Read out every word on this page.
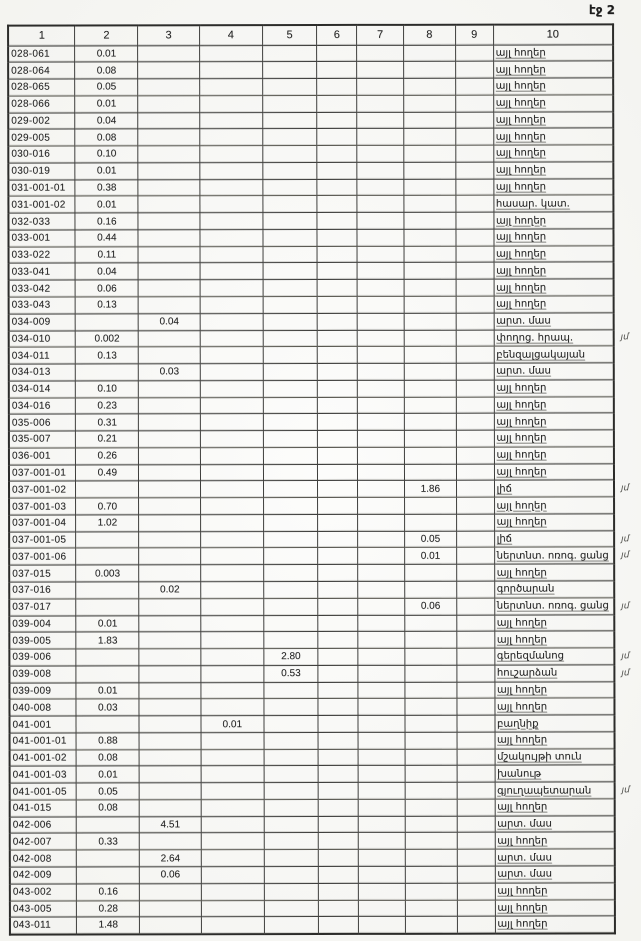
էջ 2
1	2	3	4	5	6	7	8	9	10	
028-061	0.01								այլ հողեր	
028-064	0.08								այլ հողեր	
028-065	0.05								այլ հողեր	
028-066	0.01								այլ հողեր	
029-002	0.04								այլ հողեր	
029-005	0.08								այլ հողեր	
030-016	0.10								այլ հողեր	
030-019	0.01								այլ հողեր	
031-001-01	0.38								այլ հողեր	
031-001-02	0.01								հասար. կատ.	
032-033	0.16								այլ հողեր	
033-001	0.44								այլ հողեր	
033-022	0.11								այլ հողեր	
033-041	0.04								այլ հողեր	
033-042	0.06								այլ հողեր	
033-043	0.13								այլ հողեր	
034-009		0.04							արտ. մաս	
034-010	0.002								փողոց. հրապ.	յմ
034-011	0.13								բենզալցակայան	
034-013		0.03							արտ. մաս	
034-014	0.10								այլ հողեր	
034-016	0.23								այլ հողեր	
035-006	0.31								այլ հողեր	
035-007	0.21								այլ հողեր	
036-001	0.26								այլ հողեր	
037-001-01	0.49								այլ հողեր	
037-001-02							1.86		լիճ	յմ
037-001-03	0.70								այլ հողեր	
037-001-04	1.02								այլ հողեր	
037-001-05							0.05		լիճ	յմ
037-001-06							0.01		ներտնտ. ոռոգ. ցանց	յմ
037-015	0.003								այլ հողեր	
037-016		0.02							գործարան	
037-017							0.06		ներտնտ. ոռոգ. ցանց	յմ
039-004	0.01								այլ հողեր	
039-005	1.83								այլ հողեր	
039-006				2.80					գերեզմանոց	յմ
039-008				0.53					հուշարձան	յմ
039-009	0.01								այլ հողեր	
040-008	0.03								այլ հողեր	
041-001			0.01						բաղնիք	
041-001-01	0.88								այլ հողեր	
041-001-02	0.08								մշակույթի տուն	
041-001-03	0.01								խանութ	
041-001-05	0.05								գյուղապետարան	յմ
041-015	0.08								այլ հողեր	
042-006		4.51							արտ. մաս	
042-007	0.33								այլ հողեր	
042-008		2.64							արտ. մաս	
042-009		0.06							արտ. մաս	
043-002	0.16								այլ հողեր	
043-005	0.28								այլ հողեր	
043-011	1.48								այլ հողեր	
